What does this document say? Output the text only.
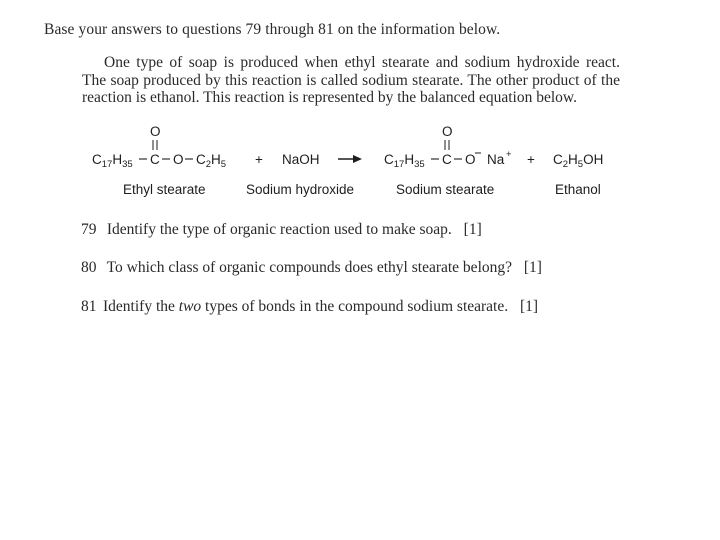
Base your answers to questions 79 through 81 on the information below.
One type of soap is produced when ethyl stearate and sodium hydroxide react.
The soap produced by this reaction is called sodium stearate. The other product of the
reaction is ethanol. This reaction is represented by the balanced equation below.
O
$C_{17}H_{35}$ C O $C_2H_5$ + NaOH
O
$C_{17}H_{35}$ C O Na + + $C_2H_5OH$
Ethyl stearate	Sodium hydroxide	Sodium stearate	Ethanol
79 Identify the type of organic reaction used to make soap. [1]
80 To which class of organic compounds does ethyl stearate belong? [1]
81 Identify the two types of bonds in the compound sodium stearate. [1]
